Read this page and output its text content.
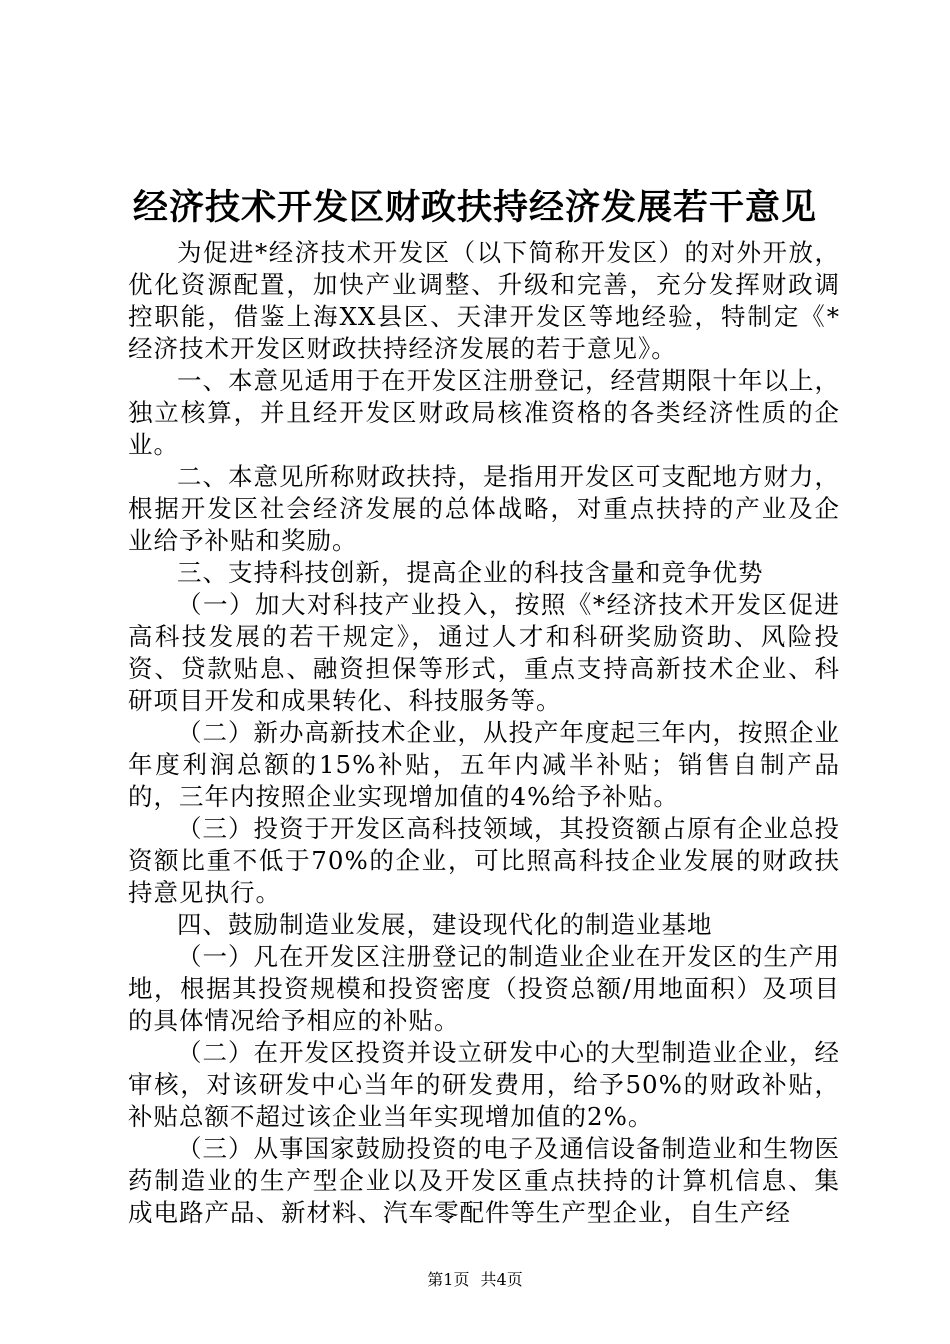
经济技术开发区财政扶持经济发展若干意见

为促进*经济技术开发区（以下简称开发区）的对外开放，优化资源配置，加快产业调整、升级和完善，充分发挥财政调控职能，借鉴上海XX县区、天津开发区等地经验，特制定《*经济技术开发区财政扶持经济发展的若于意见》。

一、本意见适用于在开发区注册登记，经营期限十年以上，独立核算，并且经开发区财政局核准资格的各类经济性质的企业。

二、本意见所称财政扶持，是指用开发区可支配地方财力，根据开发区社会经济发展的总体战略，对重点扶持的产业及企业给予补贴和奖励。

三、支持科技创新，提高企业的科技含量和竞争优势

（一）加大对科技产业投入，按照《*经济技术开发区促进高科技发展的若干规定》，通过人才和科研奖励资助、风险投资、贷款贴息、融资担保等形式，重点支持高新技术企业、科研项目开发和成果转化、科技服务等。

（二）新办高新技术企业，从投产年度起三年内，按照企业年度利润总额的15%补贴，五年内减半补贴；销售自制产品的，三年内按照企业实现增加值的4%给予补贴。

（三）投资于开发区高科技领域，其投资额占原有企业总投资额比重不低于70%的企业，可比照高科技企业发展的财政扶持意见执行。

四、鼓励制造业发展，建设现代化的制造业基地

（一）凡在开发区注册登记的制造业企业在开发区的生产用地，根据其投资规模和投资密度（投资总额/用地面积）及项目的具体情况给予相应的补贴。

（二）在开发区投资并设立研发中心的大型制造业企业，经审核，对该研发中心当年的研发费用，给予50%的财政补贴，补贴总额不超过该企业当年实现增加值的2%。

（三）从事国家鼓励投资的电子及通信设备制造业和生物医药制造业的生产型企业以及开发区重点扶持的计算机信息、集成电路产品、新材料、汽车零配件等生产型企业，自生产经

第1页 共4页
